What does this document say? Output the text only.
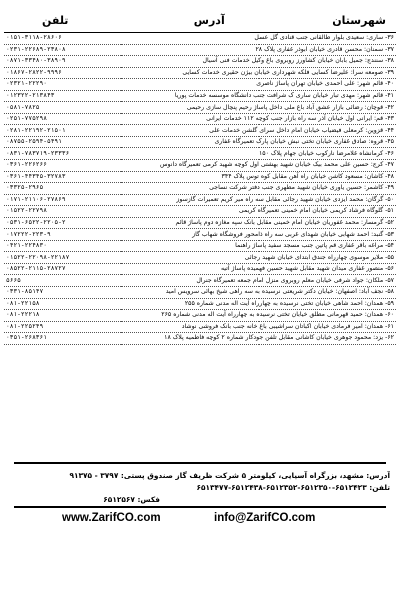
تلفن	آدرس	شهرستان
۰۱۵۱-۳۱۱۸-۲۸۶۰۶	۳۶- ساری: سعیدی بلوار طالقانی جنب قنادی گل عسل	
۰۲۳۱-۲۲۶۸۹-۲۳۸۰۸	۳۷- سمنان: محسن قادری خیابان ابوذر غفاری پلاک ۲۸	
۰۸۷۱-۳۳۴۸۰-۳۸۹۰۹	۳۸- سنندج: جمیل بابان خیابان کشاورز روبروی باغ وکیل خدمات فنی آسیال	
۰۱۸۶۷-۲۸۲۲-۹۹۹۶	۳۹- صومعه سرا: علیرضا کسایی فلکه شهرداری خیابان بیژن حقیری خدمات کسایی	
۰۲۳۲۱-۲۲۲۹۰	۴۰- قائم شهر: علی احمدی خیابان تهران پاساژ ناصری	
۰۱۲۳۲۲-۲۱۳۸۴۳	۴۱- قائم شهر: مهدی تبار خیابان ساری ک شرافت جنب دانشگاه موسسه خدمات پوریا	
۰۵۸۱-۷۸۲۵	۴۲- قوچان: رضائی بازار عشق آباد باغ ملی داخل پاساژ رحیم پنچال سازی رحیمی	
۰۲۵۱-۷۷۵۲۹۸	۴۳- قم: ایرانی اول خیابان آذر سه راه بازار جنب کوچه ۱۱۲ خدمات ایرانی	
۰۲۸۱-۲۲۱۹۲-۲۱۵۰۱	۴۴- قزوین: کرمعلی فیضیاب خیابان امام داخل سرای گلشن خدمات علی	
۰۸۷۵۵-۲۵۹۴-۵۴۹۱	۴۵- قروه: صادق غفاری خیابان تختی نبش خیابان پارک تعمیرگاه غفاری	
۰۸۳۱-۷۸۳۷۱۹-۲۳۳۳۶	۴۶- کرمانشاه غلامرضا نارکوب خیابان جهام پلاک ۱۵۰	
۰۳۶۱-۲۲۶۲۶۶	۴۷- کرج: حسین علی محمد بیک خیابان شهید بهشتی اول کوچه شهید کرمی تعمیرگاه دانوس	
۰۳۶۱-۴۴۳۴۵-۳۲۷۸۳	۴۸- کاشان: مسعود کاشن خیابان راه آهن مقابل کوه توس پلاک ۳۴۴	
۰۳۳۲۵-۲۹۶۵	۴۹- کاشمر: حسین یاوری خیابان شهید مطهری جنب دفتر شرکت نساجی	
۰۱۷۱-۲۱۱۰۶-۲۷۸۶۹	۵۰- گرگان: محمد ایزدی خیابان شهید رجائی مقابل سه راه میر کریم تعمیرات گازسوز	
۰۱۵۲۲-۲۲۷۹۸	۵۱- گلوگاه فرشاد کریمی خیابان امام خمینی تعمیرگاه کریمی	
۰۵۳۱-۶۵۲۲-۲۲۰۵-۲	۵۲- گرمسار: محمد غفوریان خیابان امام خمینی مقابل بانک سپه مغازه دوم پاساژ قائم	
۰۱۷۲۲۲-۲۲۳-۹	۵۳- گنبد: احمد شهابی خیابان شهدای غربی سه راه ذامحور فروشگاه شهاب گاز	
۰۴۲۱-۲۲۴۸۳۰	۵۴- مراغه باقر غفاری قم پاتین جنب مسجد سفید پاساژ راهنما	
۰۱۵۲۲-۲۲۰۹۸-۲۲۱۸۷	۵۵- ملایر موسوی چهارراه جندق ابتدای خیابان شهید رجائی	
۰۸۵۲۲-۲۱۱۵-۲۸۷۲۷	۵۶- منصور غفاری میدان شهید مقابل شهید حسین فهمیده پاساژ آتیه	
۵۶۶۵	۵۷- ملکان: جواد شرفی خیابان معلم روبروی منزل امام جمعه تعمیرگاه جنرال	
۰۳۳۱-۸۵۱۴۷	۵۸- نجف آباد: اصفهان: خیابان دکتر شریعتی نرسیده به سه راهی شیخ بهائی سرویس امید	
۰۸۱-۲۲۱۵۸	۵۹- همدان: احمد شاهی خیابان تختی نرسیده به چهارراه آیت اله مدنی شماره ۲۵۵	
۰۸۱-۲۲۲۱۸	۶۰- همدان: حمید قهرمانی مطلق خیابان تختی نرسیده به چهارراه آیت اله مدنی شماره ۲۶۵	
۰۸۱-۲۲۵۲۴۹	۶۱- همدان: امیر فرمادی خیابان اکباتان سراشیبی باغ خانه جنب بانک فروشی نوشاد	
۰۳۵۱-۲۶۸۳۶۱	۶۲- یزد: محمود جوهری خیابان کاشانی مقابل تلفن جودکار شماره ۲ کوچه فاطمیه پلاک ۱۸	
آدرس: مشهد، بزرگراه آسیایی، کیلومتر ۵ شرکت ظریف گاز صندوق پستی: ۳۷۹۷ - ۹۱۳۷۵
تلفن: ۶۵۱۲۴۲۳-۶۵۱۲۳۵۰-۶۵۱۲۳۵۲-۶۵۱۲۴۳۸-۶۵۱۳۴۷۷
فکس: ۶۵۱۲۵۶۷
www.ZarifCO.com	info@ZarifCO.com
